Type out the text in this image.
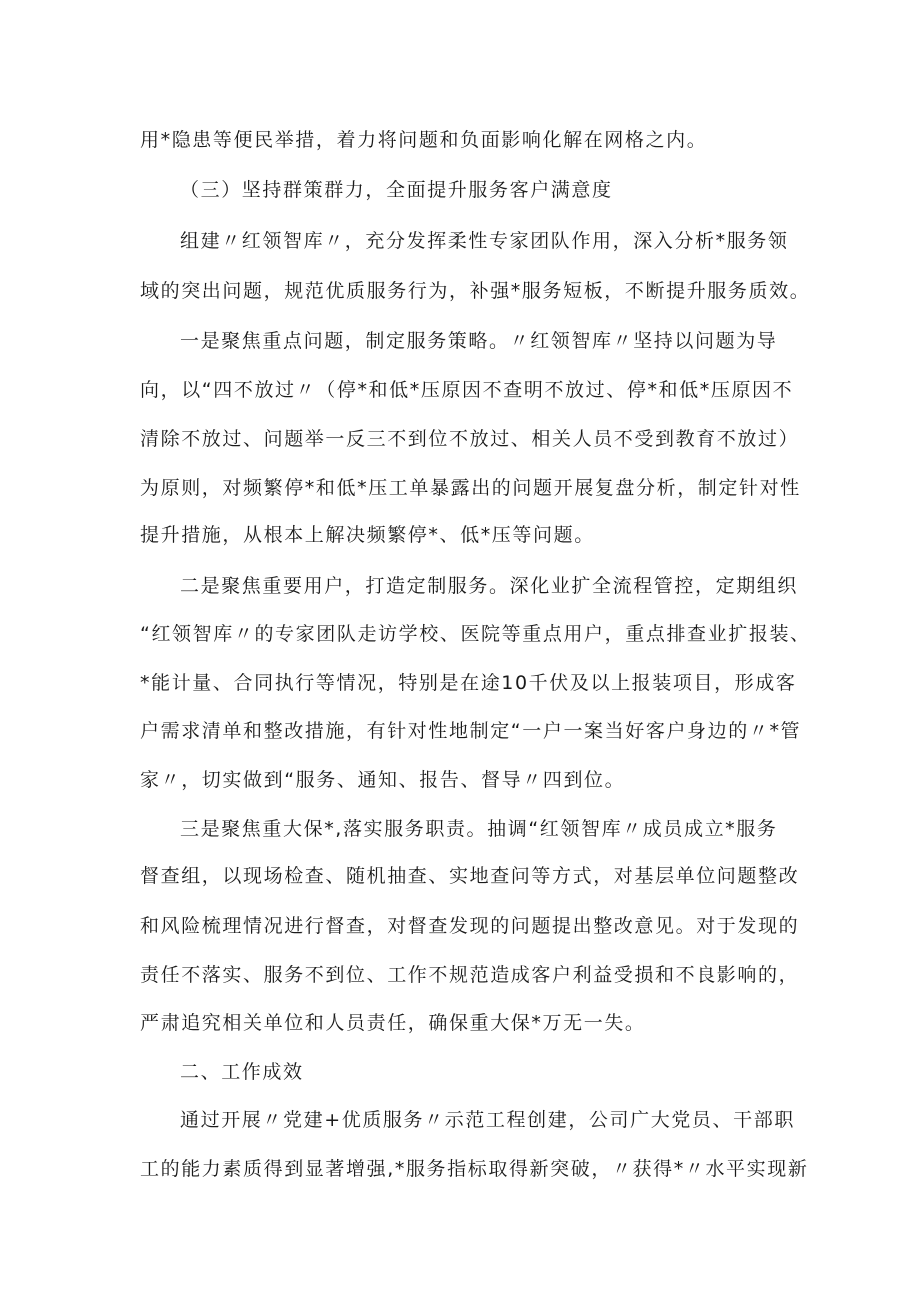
用*隐患等便民举措，着力将问题和负面影响化解在网格之内。
（三）坚持群策群力，全面提升服务客户满意度
组建〃红领智库〃，充分发挥柔性专家团队作用，深入分析*服务领
域的突出问题，规范优质服务行为，补强*服务短板，不断提升服务质效。
一是聚焦重点问题，制定服务策略。〃红领智库〃坚持以问题为导
向，以“四不放过〃（停*和低*压原因不查明不放过、停*和低*压原因不
清除不放过、问题举一反三不到位不放过、相关人员不受到教育不放过）
为原则，对频繁停*和低*压工单暴露出的问题开展复盘分析，制定针对性
提升措施，从根本上解决频繁停*、低*压等问题。
二是聚焦重要用户，打造定制服务。深化业扩全流程管控，定期组织
“红领智库〃的专家团队走访学校、医院等重点用户，重点排查业扩报装、
*能计量、合同执行等情况，特别是在途10千伏及以上报装项目，形成客
户需求清单和整改措施，有针对性地制定“一户一案当好客户身边的〃*管
家〃，切实做到“服务、通知、报告、督导〃四到位。
三是聚焦重大保*,落实服务职责。抽调“红领智库〃成员成立*服务
督查组，以现场检查、随机抽查、实地查问等方式，对基层单位问题整改
和风险梳理情况进行督查，对督查发现的问题提出整改意见。对于发现的
责任不落实、服务不到位、工作不规范造成客户利益受损和不良影响的，
严肃追究相关单位和人员责任，确保重大保*万无一失。
二、工作成效
通过开展〃党建+优质服务〃示范工程创建，公司广大党员、干部职
工的能力素质得到显著增强,*服务指标取得新突破，〃获得*〃水平实现新
